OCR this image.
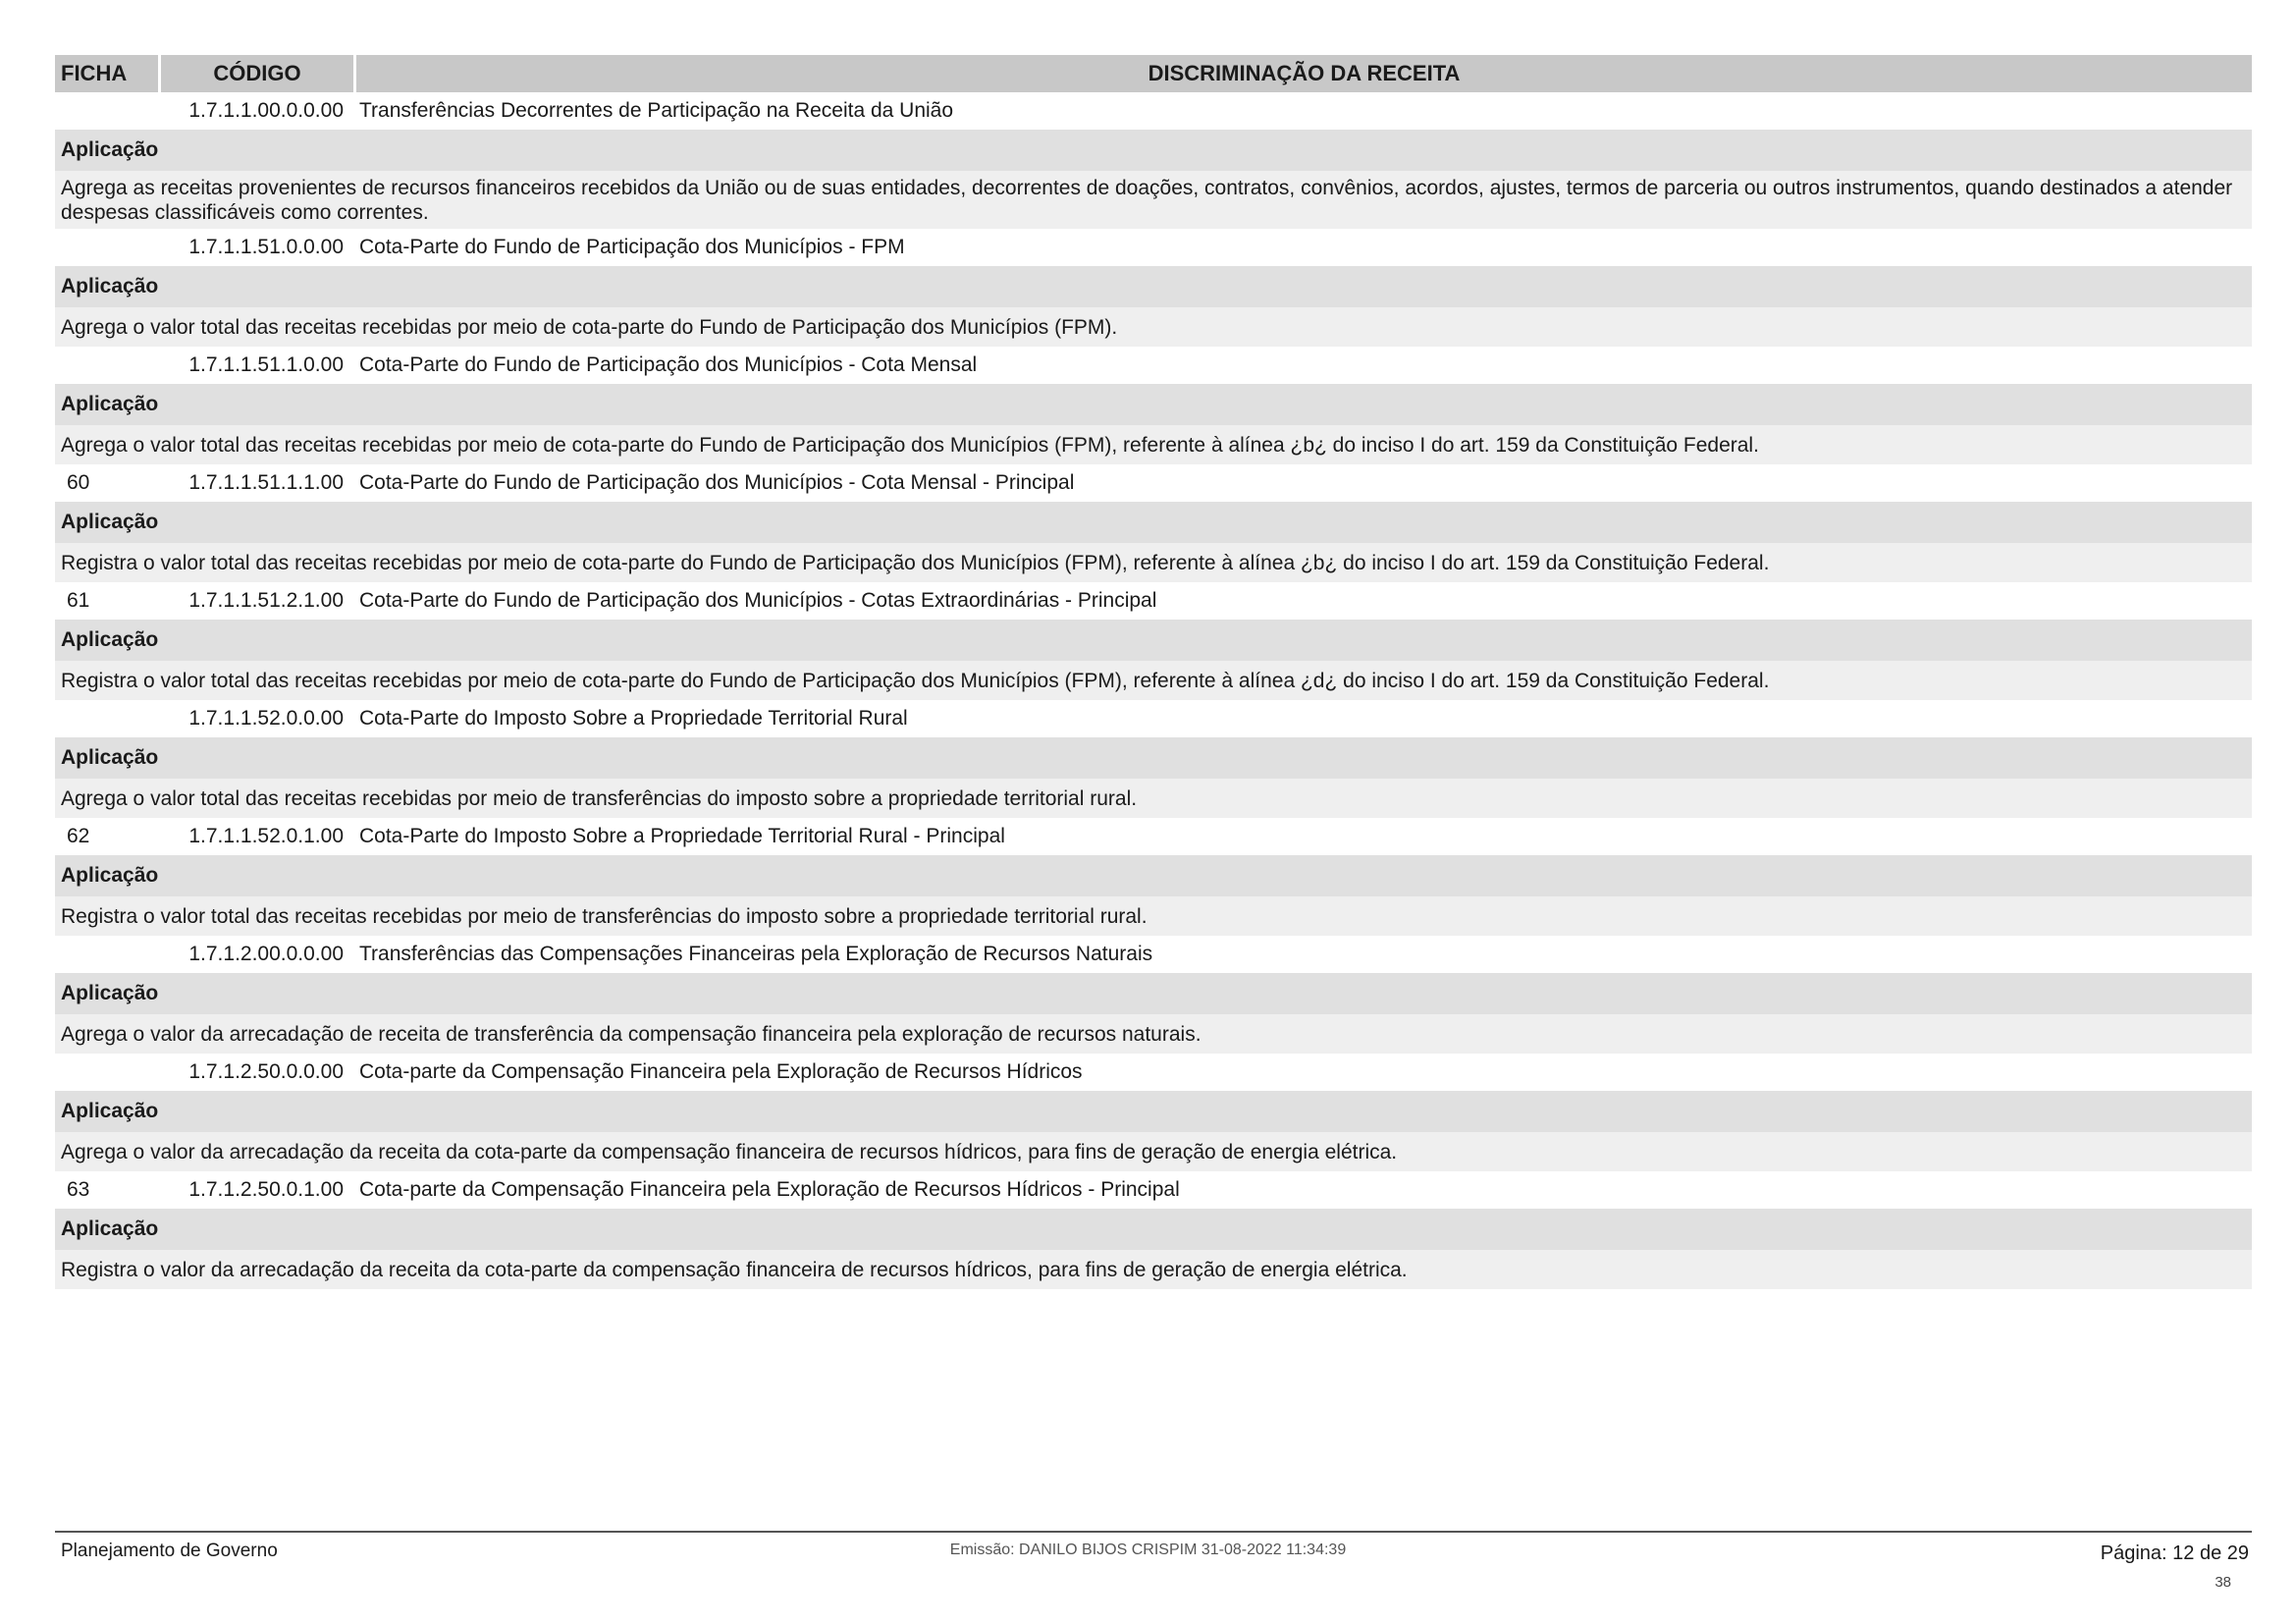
FICHA	CÓDIGO	DISCRIMINAÇÃO DA RECEITA
1.7.1.1.00.0.0.00 Transferências Decorrentes de Participação na Receita da União
Aplicação
Agrega as receitas provenientes de recursos financeiros recebidos da União ou de suas entidades, decorrentes de doações, contratos, convênios, acordos, ajustes, termos de parceria ou outros instrumentos, quando destinados a atender despesas classificáveis como correntes.
1.7.1.1.51.0.0.00 Cota-Parte do Fundo de Participação dos Municípios - FPM
Aplicação
Agrega o valor total das receitas recebidas por meio de cota-parte do Fundo de Participação dos Municípios (FPM).
1.7.1.1.51.1.0.00 Cota-Parte do Fundo de Participação dos Municípios - Cota Mensal
Aplicação
Agrega o valor total das receitas recebidas por meio de cota-parte do Fundo de Participação dos Municípios (FPM), referente à alínea ¿b¿ do inciso I do art. 159 da Constituição Federal.
60	1.7.1.1.51.1.1.00 Cota-Parte do Fundo de Participação dos Municípios - Cota Mensal - Principal
Aplicação
Registra o valor total das receitas recebidas por meio de cota-parte do Fundo de Participação dos Municípios (FPM), referente à alínea ¿b¿ do inciso I do art. 159 da Constituição Federal.
61	1.7.1.1.51.2.1.00 Cota-Parte do Fundo de Participação dos Municípios - Cotas Extraordinárias - Principal
Aplicação
Registra o valor total das receitas recebidas por meio de cota-parte do Fundo de Participação dos Municípios (FPM), referente à alínea ¿d¿ do inciso I do art. 159 da Constituição Federal.
1.7.1.1.52.0.0.00 Cota-Parte do Imposto Sobre a Propriedade Territorial Rural
Aplicação
Agrega o valor total das receitas recebidas por meio de transferências do imposto sobre a propriedade territorial rural.
62	1.7.1.1.52.0.1.00 Cota-Parte do Imposto Sobre a Propriedade Territorial Rural - Principal
Aplicação
Registra o valor total das receitas recebidas por meio de transferências do imposto sobre a propriedade territorial rural.
1.7.1.2.00.0.0.00 Transferências das Compensações Financeiras pela Exploração de Recursos Naturais
Aplicação
Agrega o valor da arrecadação de receita de transferência da compensação financeira pela exploração de recursos naturais.
1.7.1.2.50.0.0.00 Cota-parte da Compensação Financeira pela Exploração de Recursos Hídricos
Aplicação
Agrega o valor da arrecadação da receita da cota-parte da compensação financeira de recursos hídricos, para fins de geração de energia elétrica.
63	1.7.1.2.50.0.1.00 Cota-parte da Compensação Financeira pela Exploração de Recursos Hídricos - Principal
Aplicação
Registra o valor da arrecadação da receita da cota-parte da compensação financeira de recursos hídricos, para fins de geração de energia elétrica.
Planejamento de Governo	Emissão: DANILO BIJOS CRISPIM 31-08-2022 11:34:39	Página: 12 de 29
38
